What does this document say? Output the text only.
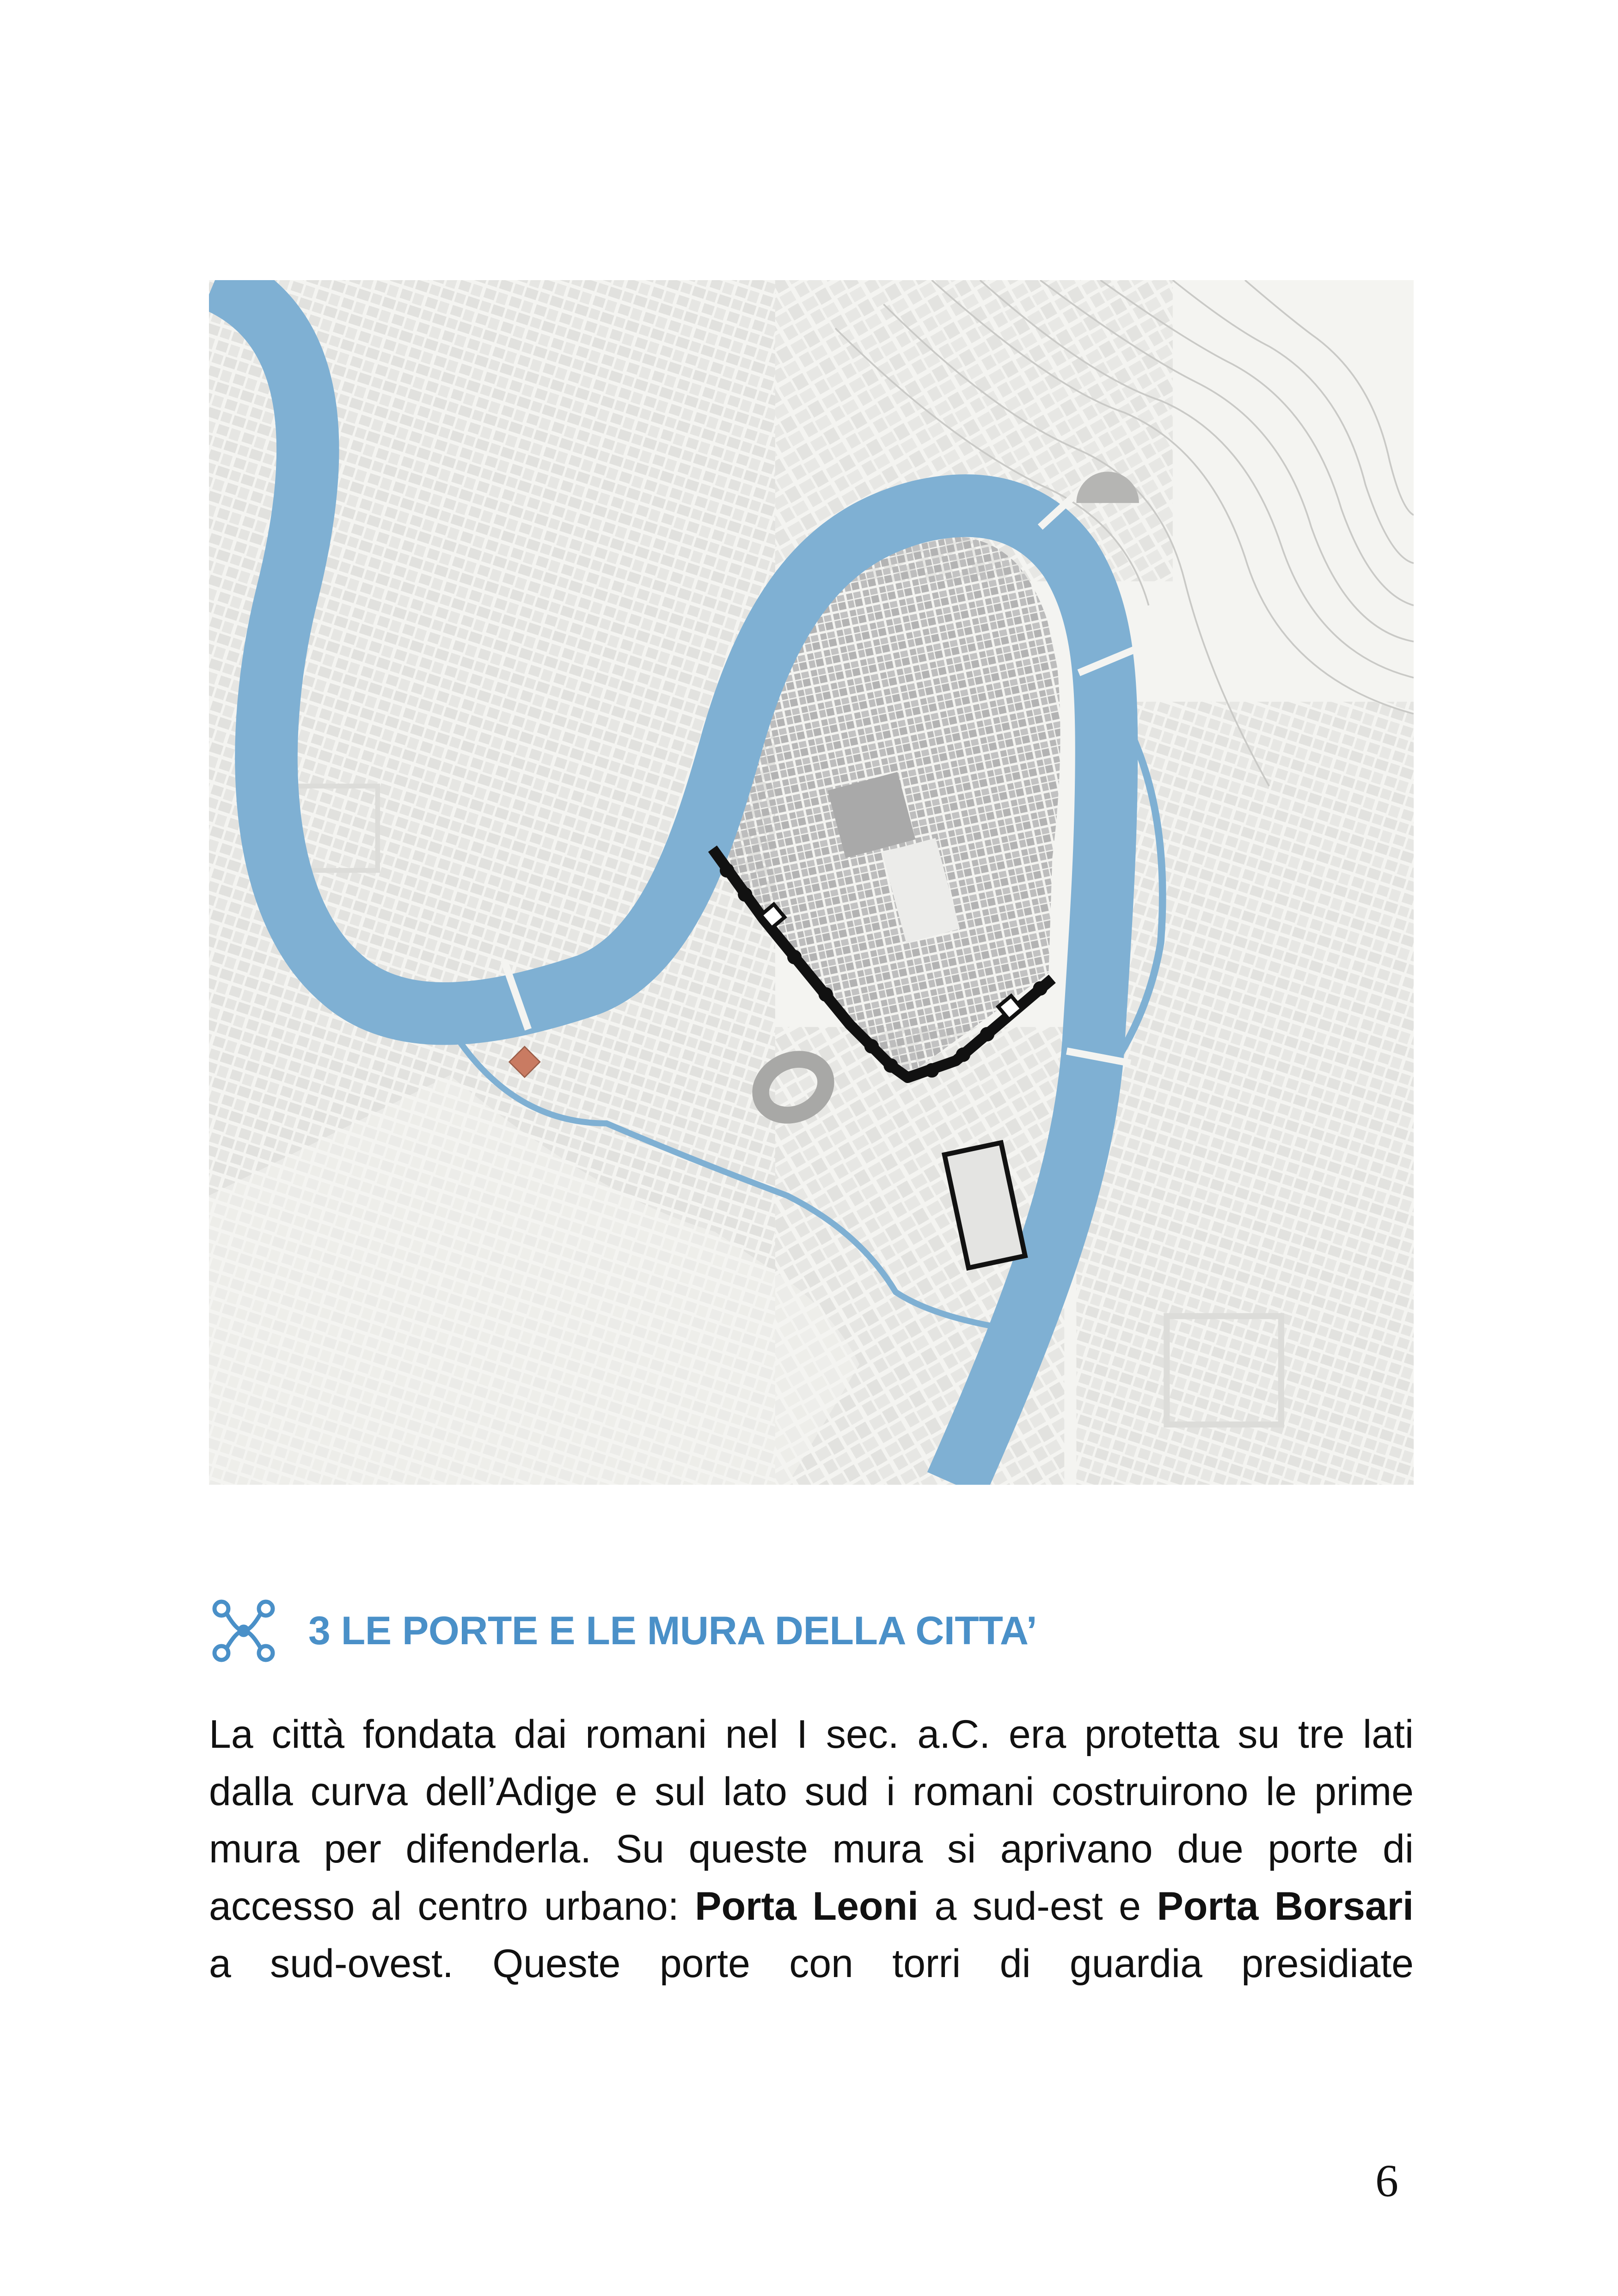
3 LE PORTE E LE MURA DELLA CITTA’
La città fondata dai romani nel I sec. a.C. era protetta su tre lati
dalla curva dell’Adige e sul lato sud i romani costruirono le prime
mura per difenderla. Su queste mura si aprivano due porte di
accesso al centro urbano: Porta Leoni a sud-est e Porta Borsari
a sud-ovest. Queste porte con torri di guardia presidiate
6
